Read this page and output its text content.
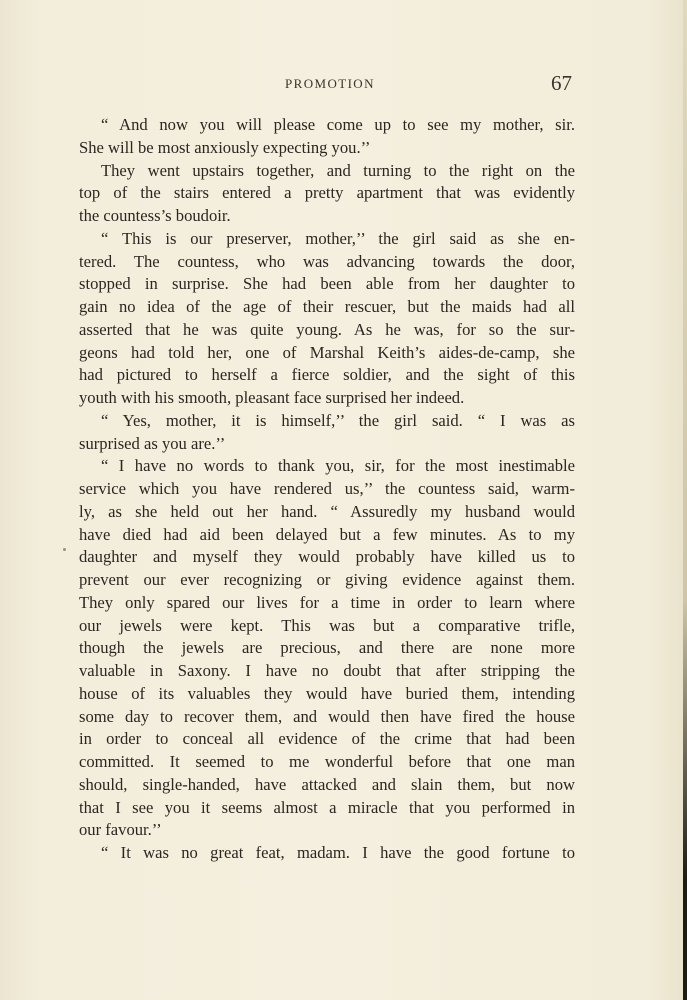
PROMOTION	67
“ And now you will please come up to see my mother, sir.
She will be most anxiously expecting you.’’
They went upstairs together, and turning to the right on the
top of the stairs entered a pretty apartment that was evidently
the countess’s boudoir.
“ This is our preserver, mother,’’ the girl said as she en-
tered. The countess, who was advancing towards the door,
stopped in surprise. She had been able from her daughter to
gain no idea of the age of their rescuer, but the maids had all
asserted that he was quite young. As he was, for so the sur-
geons had told her, one of Marshal Keith’s aides-de-camp, she
had pictured to herself a fierce soldier, and the sight of this
youth with his smooth, pleasant face surprised her indeed.
“ Yes, mother, it is himself,’’ the girl said. “ I was as
surprised as you are.’’
“ I have no words to thank you, sir, for the most inestimable
service which you have rendered us,’’ the countess said, warm-
ly, as she held out her hand. “ Assuredly my husband would
have died had aid been delayed but a few minutes. As to my
daughter and myself they would probably have killed us to
prevent our ever recognizing or giving evidence against them.
They only spared our lives for a time in order to learn where
our jewels were kept. This was but a comparative trifle,
though the jewels are precious, and there are none more
valuable in Saxony. I have no doubt that after stripping the
house of its valuables they would have buried them, intending
some day to recover them, and would then have fired the house
in order to conceal all evidence of the crime that had been
committed. It seemed to me wonderful before that one man
should, single-handed, have attacked and slain them, but now
that I see you it seems almost a miracle that you performed in
our favour.’’
“ It was no great feat, madam. I have the good fortune to
